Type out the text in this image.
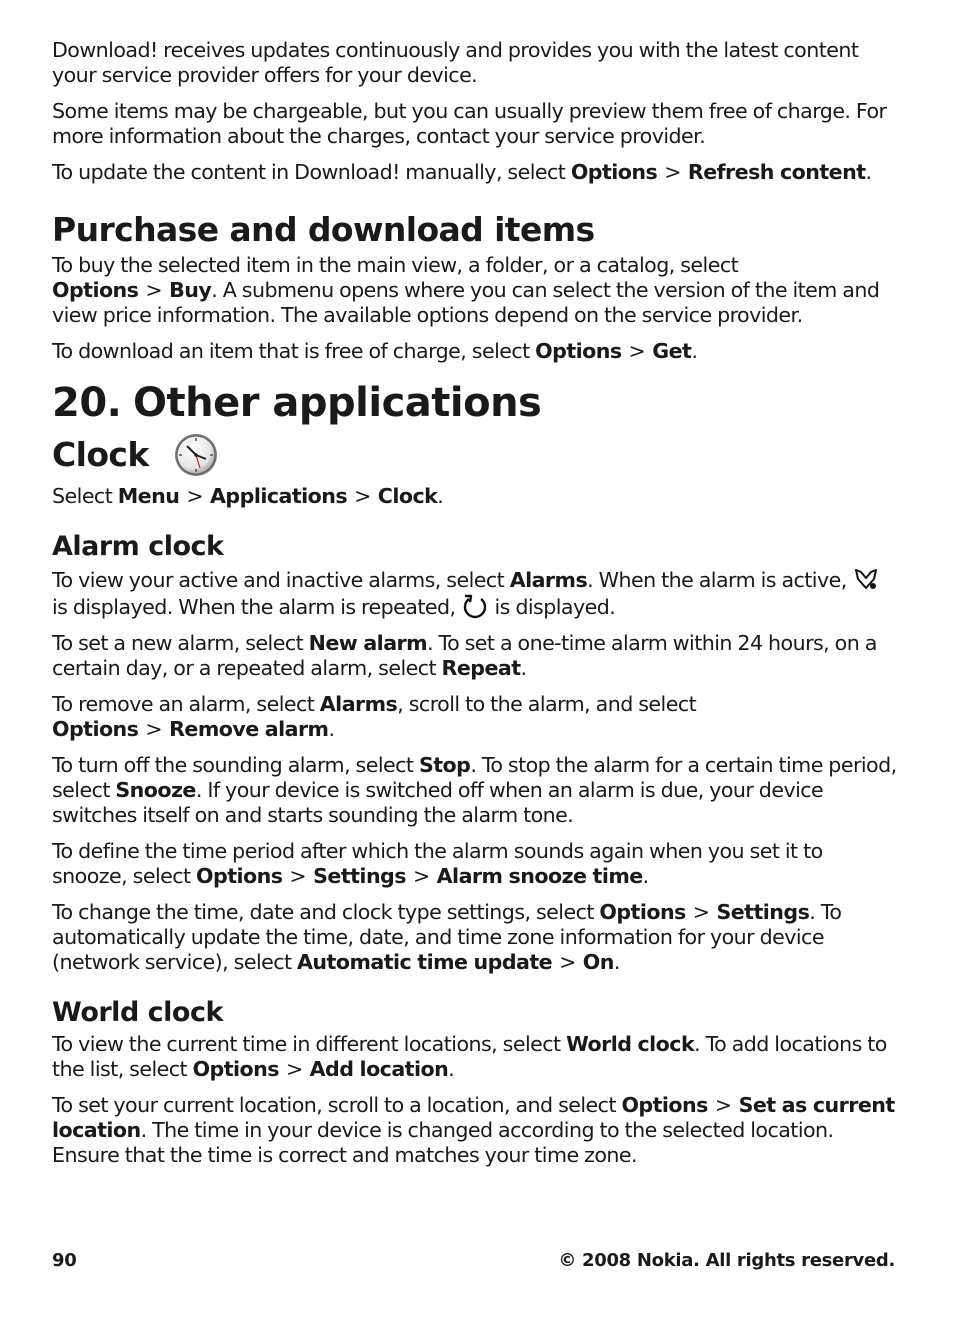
Download! receives updates continuously and provides you with the latest content your service provider offers for your device.

Some items may be chargeable, but you can usually preview them free of charge. For more information about the charges, contact your service provider.

To update the content in Download! manually, select Options > Refresh content.

Purchase and download items

To buy the selected item in the main view, a folder, or a catalog, select Options > Buy. A submenu opens where you can select the version of the item and view price information. The available options depend on the service provider.

To download an item that is free of charge, select Options > Get.

20. Other applications
Clock

Select Menu > Applications > Clock.

Alarm clock

To view your active and inactive alarms, select Alarms. When the alarm is active,  is displayed. When the alarm is repeated,  is displayed.

To set a new alarm, select New alarm. To set a one-time alarm within 24 hours, on a certain day, or a repeated alarm, select Repeat.

To remove an alarm, select Alarms, scroll to the alarm, and select Options > Remove alarm.

To turn off the sounding alarm, select Stop. To stop the alarm for a certain time period, select Snooze. If your device is switched off when an alarm is due, your device switches itself on and starts sounding the alarm tone.

To define the time period after which the alarm sounds again when you set it to snooze, select Options > Settings > Alarm snooze time.

To change the time, date and clock type settings, select Options > Settings. To automatically update the time, date, and time zone information for your device (network service), select Automatic time update > On.

World clock

To view the current time in different locations, select World clock. To add locations to the list, select Options > Add location.

To set your current location, scroll to a location, and select Options > Set as current location. The time in your device is changed according to the selected location. Ensure that the time is correct and matches your time zone.

90	© 2008 Nokia. All rights reserved.
